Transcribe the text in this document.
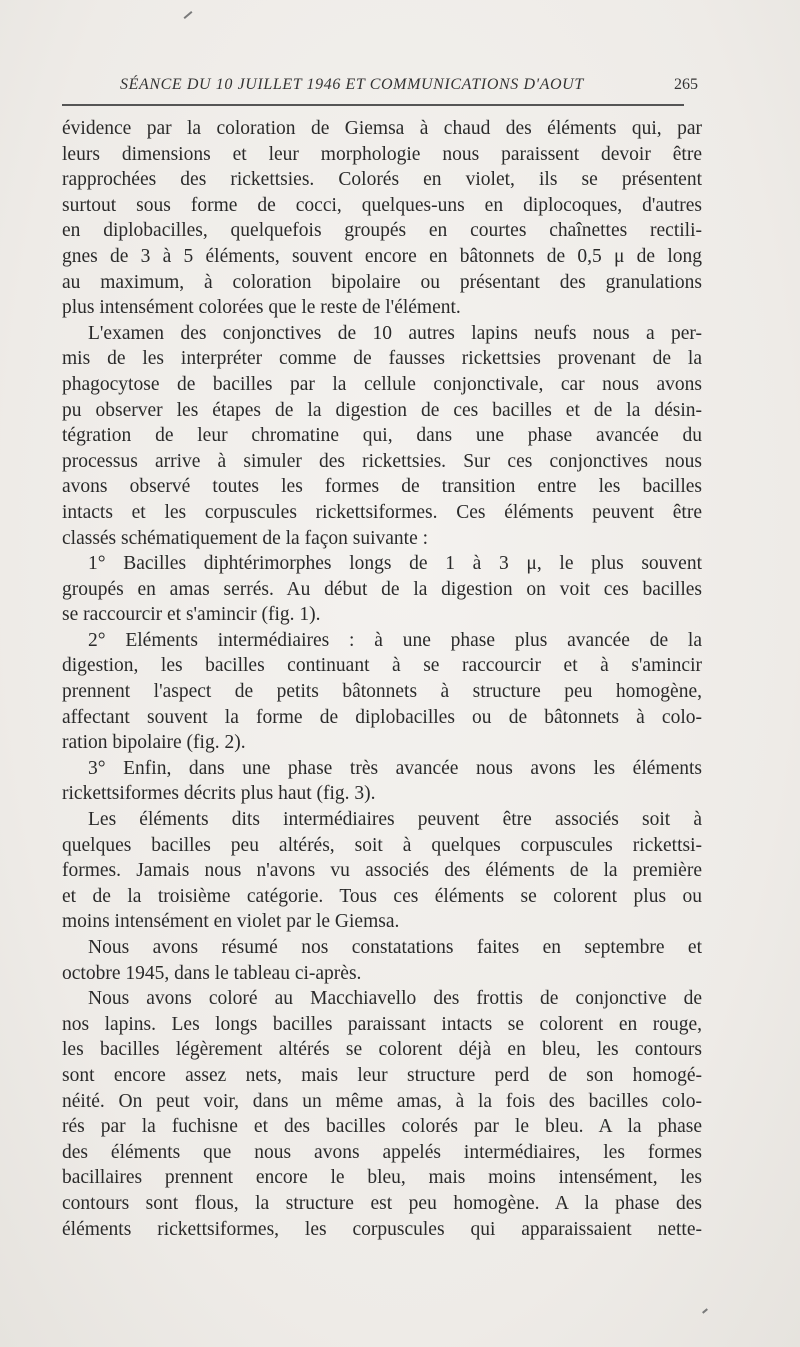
SÉANCE DU 10 JUILLET 1946 ET COMMUNICATIONS D'AOUT	265
évidence par la coloration de Giemsa à chaud des éléments qui, par
leurs dimensions et leur morphologie nous paraissent devoir être
rapprochées des rickettsies. Colorés en violet, ils se présentent
surtout sous forme de cocci, quelques-uns en diplocoques, d'autres
en diplobacilles, quelquefois groupés en courtes chaînettes rectili-
gnes de 3 à 5 éléments, souvent encore en bâtonnets de 0,5 μ de long
au maximum, à coloration bipolaire ou présentant des granulations
plus intensément colorées que le reste de l'élément.
L'examen des conjonctives de 10 autres lapins neufs nous a per-
mis de les interpréter comme de fausses rickettsies provenant de la
phagocytose de bacilles par la cellule conjonctivale, car nous avons
pu observer les étapes de la digestion de ces bacilles et de la désin-
tégration de leur chromatine qui, dans une phase avancée du
processus arrive à simuler des rickettsies. Sur ces conjonctives nous
avons observé toutes les formes de transition entre les bacilles
intacts et les corpuscules rickettsiformes. Ces éléments peuvent être
classés schématiquement de la façon suivante :
1° Bacilles diphtérimorphes longs de 1 à 3 μ, le plus souvent
groupés en amas serrés. Au début de la digestion on voit ces bacilles
se raccourcir et s'amincir (fig. 1).
2° Eléments intermédiaires : à une phase plus avancée de la
digestion, les bacilles continuant à se raccourcir et à s'amincir
prennent l'aspect de petits bâtonnets à structure peu homogène,
affectant souvent la forme de diplobacilles ou de bâtonnets à colo-
ration bipolaire (fig. 2).
3° Enfin, dans une phase très avancée nous avons les éléments
rickettsiformes décrits plus haut (fig. 3).
Les éléments dits intermédiaires peuvent être associés soit à
quelques bacilles peu altérés, soit à quelques corpuscules rickettsi-
formes. Jamais nous n'avons vu associés des éléments de la première
et de la troisième catégorie. Tous ces éléments se colorent plus ou
moins intensément en violet par le Giemsa.
Nous avons résumé nos constatations faites en septembre et
octobre 1945, dans le tableau ci-après.
Nous avons coloré au Macchiavello des frottis de conjonctive de
nos lapins. Les longs bacilles paraissant intacts se colorent en rouge,
les bacilles légèrement altérés se colorent déjà en bleu, les contours
sont encore assez nets, mais leur structure perd de son homogé-
néité. On peut voir, dans un même amas, à la fois des bacilles colo-
rés par la fuchisne et des bacilles colorés par le bleu. A la phase
des éléments que nous avons appelés intermédiaires, les formes
bacillaires prennent encore le bleu, mais moins intensément, les
contours sont flous, la structure est peu homogène. A la phase des
éléments rickettsiformes, les corpuscules qui apparaissaient nette-
